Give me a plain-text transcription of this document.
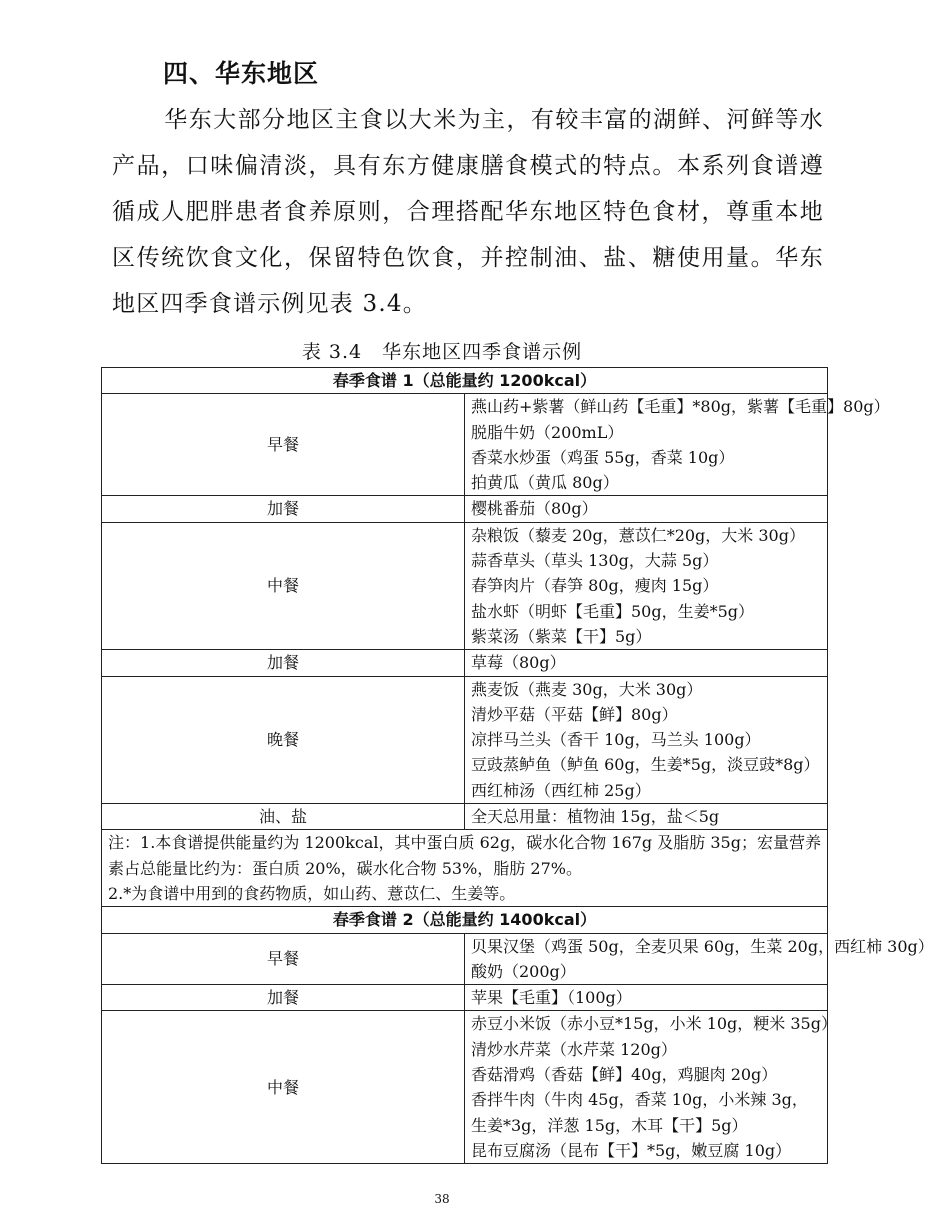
四、华东地区
华东大部分地区主食以大米为主，有较丰富的湖鲜、河鲜等水产品，口味偏清淡，具有东方健康膳食模式的特点。本系列食谱遵循成人肥胖患者食养原则，合理搭配华东地区特色食材，尊重本地区传统饮食文化，保留特色饮食，并控制油、盐、糖使用量。华东地区四季食谱示例见表 3.4。
表 3.4　华东地区四季食谱示例
春季食谱 1（总能量约 1200kcal）	
早餐	燕山药+紫薯（鲜山药【毛重】*80g，紫薯【毛重】80g）
脱脂牛奶（200mL）
香菜水炒蛋（鸡蛋 55g，香菜 10g）
拍黄瓜（黄瓜 80g）

加餐	樱桃番茄（80g）

中餐	杂粮饭（藜麦 20g，薏苡仁*20g，大米 30g）
蒜香草头（草头 130g，大蒜 5g）
春笋肉片（春笋 80g，瘦肉 15g）
盐水虾（明虾【毛重】50g，生姜*5g）
紫菜汤（紫菜【干】5g）

加餐	草莓（80g）

晚餐	燕麦饭（燕麦 30g，大米 30g）
清炒平菇（平菇【鲜】80g）
凉拌马兰头（香干 10g，马兰头 100g）
豆豉蒸鲈鱼（鲈鱼 60g，生姜*5g，淡豆豉*8g）
西红柿汤（西红柿 25g）

油、盐	全天总用量：植物油 15g，盐＜5g

注：1.本食谱提供能量约为 1200kcal，其中蛋白质 62g，碳水化合物 167g 及脂肪 35g；宏量营养素占总能量比约为：蛋白质 20%，碳水化合物 53%，脂肪 27%。
2.*为食谱中用到的食药物质，如山药、薏苡仁、生姜等。	

春季食谱 2（总能量约 1400kcal）	
早餐	贝果汉堡（鸡蛋 50g，全麦贝果 60g，生菜 20g，西红柿 30g）
酸奶（200g）

加餐	苹果【毛重】（100g）

中餐	赤豆小米饭（赤小豆*15g，小米 10g，粳米 35g）
清炒水芹菜（水芹菜 120g）
香菇滑鸡（香菇【鲜】40g，鸡腿肉 20g）
香拌牛肉（牛肉 45g，香菜 10g，小米辣 3g，生姜*3g，洋葱 15g，木耳【干】5g）
昆布豆腐汤（昆布【干】*5g，嫩豆腐 10g）
38
